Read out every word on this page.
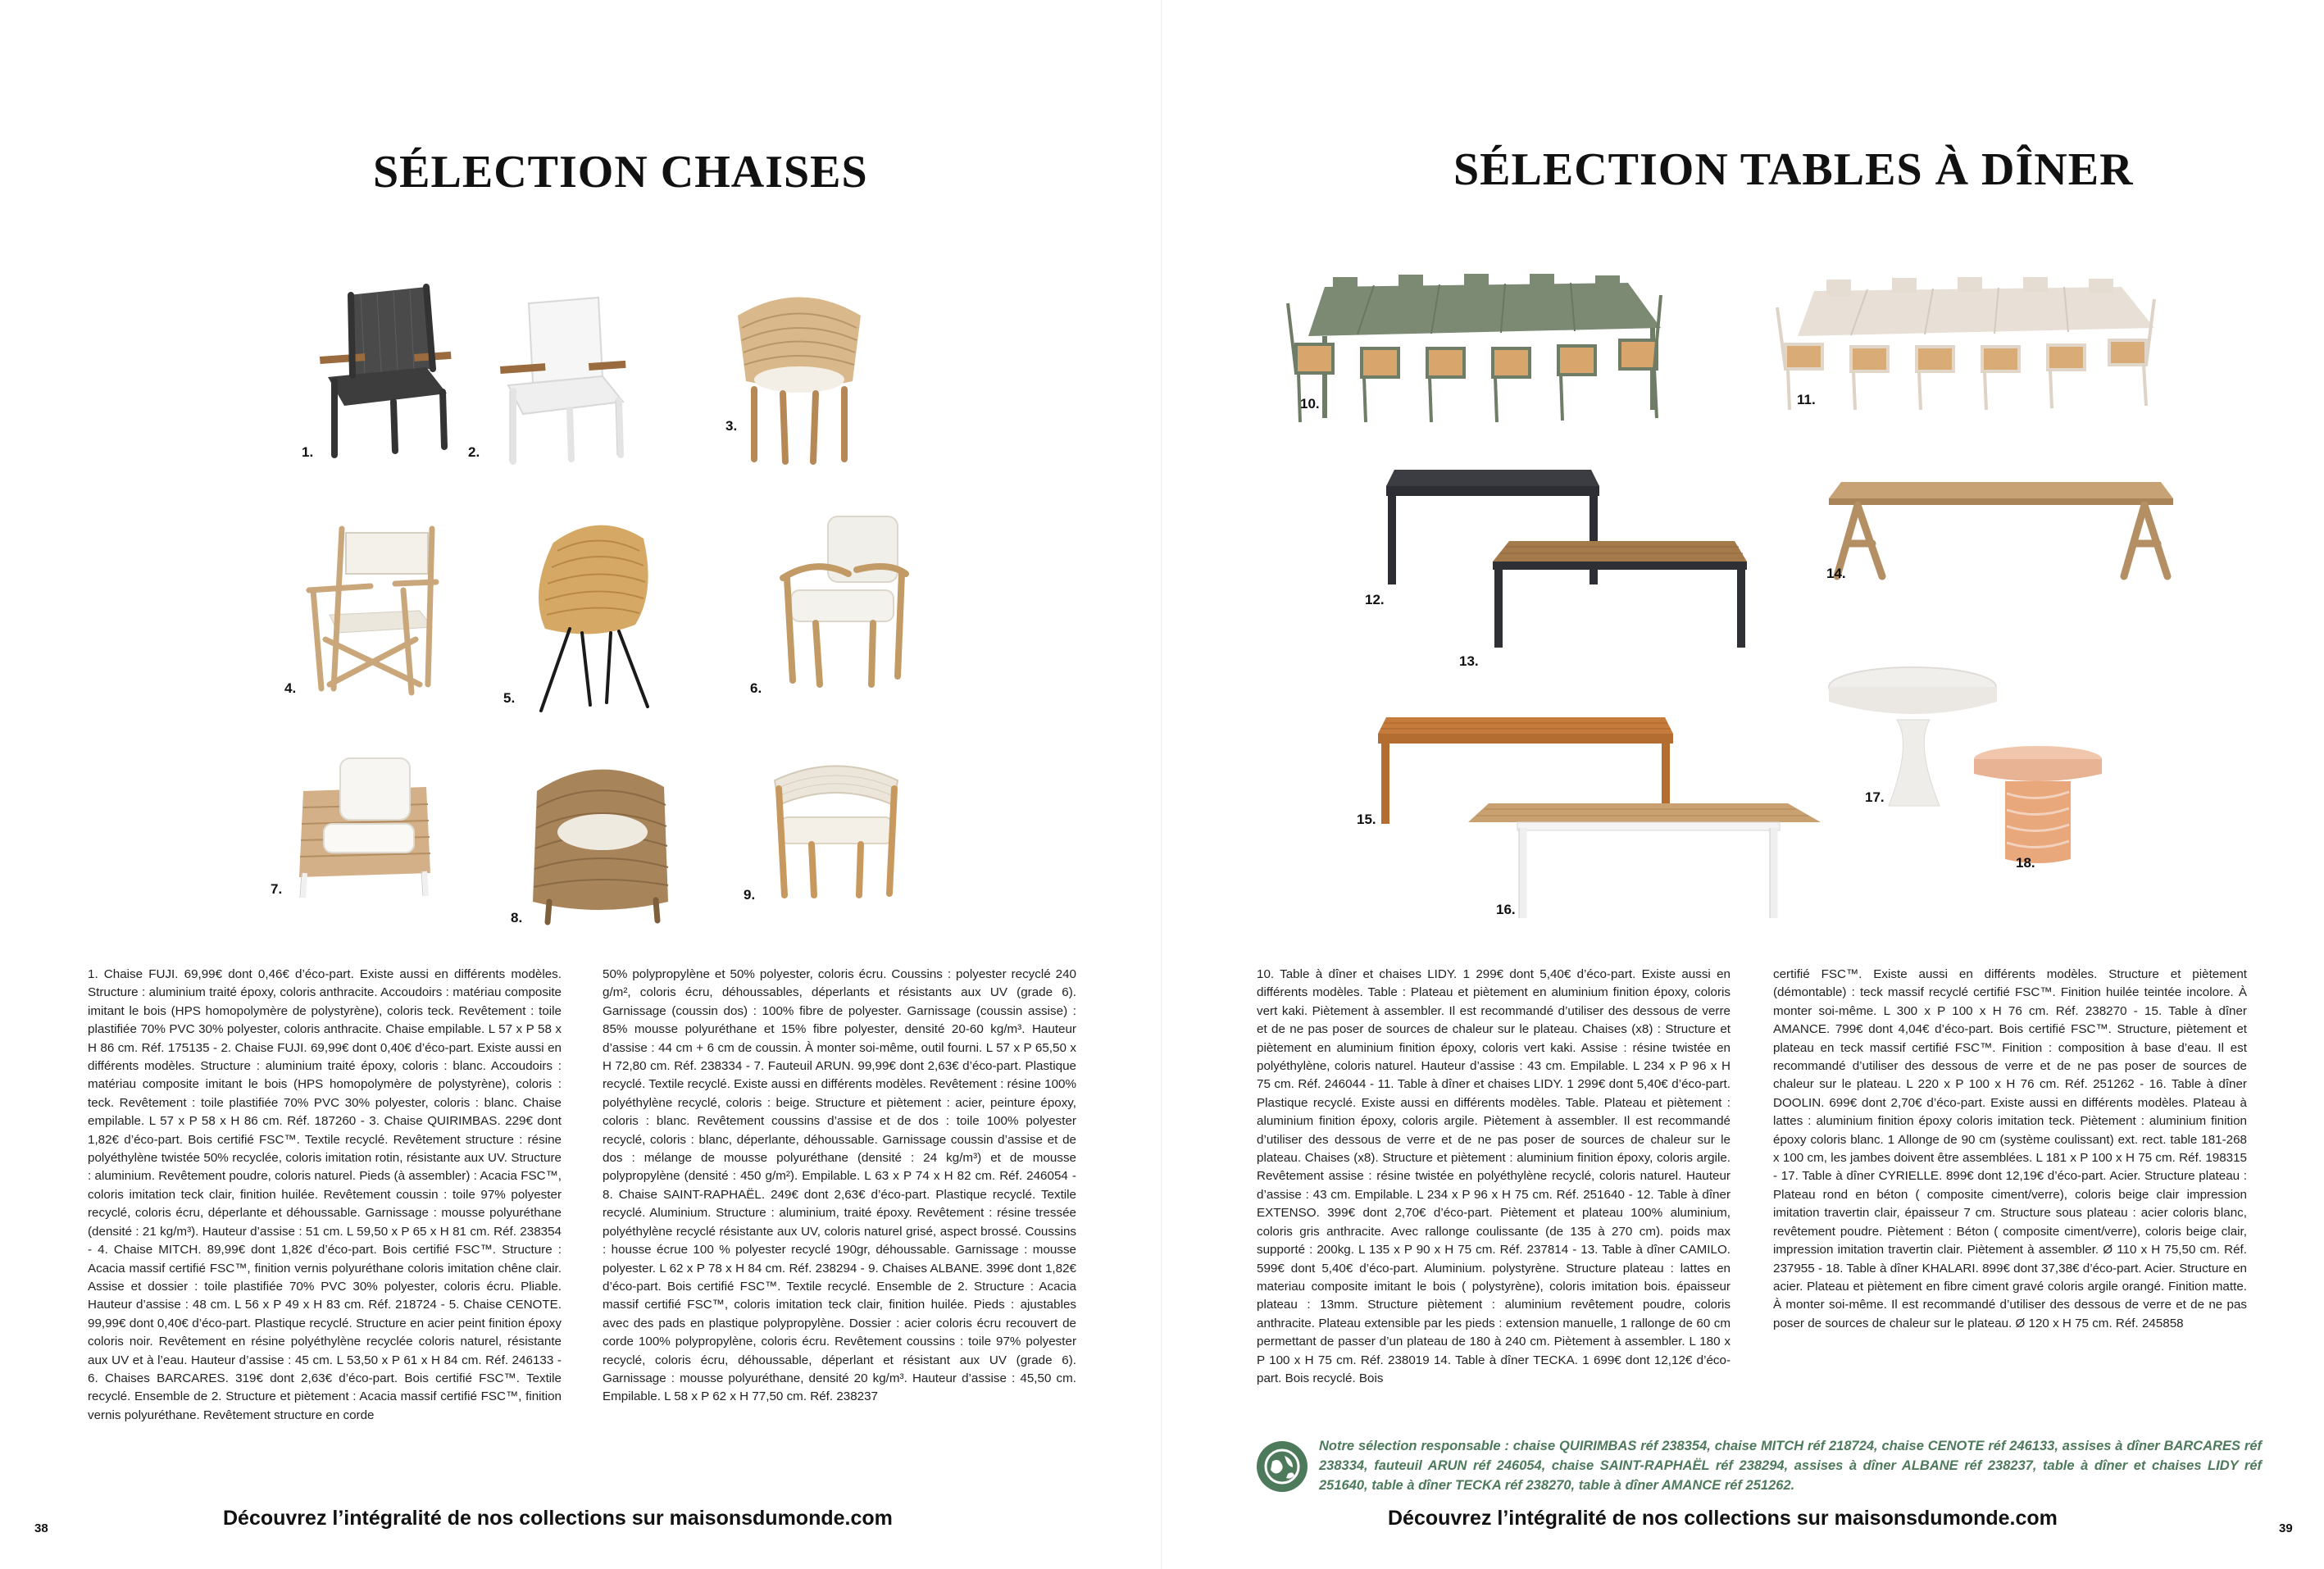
SÉLECTION CHAISES
1.	2.
3.
4.
5.
6.
7.
8.
9.
1. Chaise FUJI. 69,99€ dont 0,46€ d’éco-part. Existe aussi en différents modèles. Structure : aluminium traité époxy, coloris anthracite. Accoudoirs : matériau composite imitant le bois (HPS homopolymère de polystyrène), coloris teck. Revêtement : toile plastifiée 70% PVC 30% polyester, coloris anthracite. Chaise empilable. L 57 x P 58 x H 86 cm. Réf. 175135 - 2. Chaise FUJI. 69,99€ dont 0,40€ d’éco-part. Existe aussi en différents modèles. Structure : aluminium traité époxy, coloris : blanc. Accoudoirs : matériau composite imitant le bois (HPS homopolymère de polystyrène), coloris : teck. Revêtement : toile plastifiée 70% PVC 30% polyester, coloris : blanc. Chaise empilable. L 57 x P 58 x H 86 cm. Réf. 187260 - 3. Chaise QUIRIMBAS. 229€ dont 1,82€ d’éco-part. Bois certifié FSC™. Textile recyclé. Revêtement structure : résine polyéthylène twistée 50% recyclée, coloris imitation rotin, résistante aux UV. Structure : aluminium. Revêtement poudre, coloris naturel. Pieds (à assembler) : Acacia FSC™, coloris imitation teck clair, finition huilée. Revêtement coussin : toile 97% polyester recyclé, coloris écru, déperlante et déhoussable. Garnissage : mousse polyuréthane (densité : 21 kg/m³). Hauteur d’assise : 51 cm. L 59,50 x P 65 x H 81 cm. Réf. 238354 - 4. Chaise MITCH. 89,99€ dont 1,82€ d’éco-part. Bois certifié FSC™. Structure : Acacia massif certifié FSC™, finition vernis polyuréthane coloris imitation chêne clair. Assise et dossier : toile plastifiée 70% PVC 30% polyester, coloris écru. Pliable. Hauteur d’assise : 48 cm. L 56 x P 49 x H 83 cm. Réf. 218724 - 5. Chaise CENOTE. 99,99€ dont 0,40€ d’éco-part. Plastique recyclé. Structure en acier peint finition époxy coloris noir. Revêtement en résine polyéthylène recyclée coloris naturel, résistante aux UV et à l’eau. Hauteur d’assise : 45 cm. L 53,50 x P 61 x H 84 cm. Réf. 246133 - 6. Chaises BARCARES. 319€ dont 2,63€ d’éco-part. Bois certifié FSC™. Textile recyclé. Ensemble de 2. Structure et piètement : Acacia massif certifié FSC™, finition vernis polyuréthane. Revêtement structure en corde
50% polypropylène et 50% polyester, coloris écru. Coussins : polyester recyclé 240 g/m², coloris écru, déhoussables, déperlants et résistants aux UV (grade 6). Garnissage (coussin dos) : 100% fibre de polyester. Garnissage (coussin assise) : 85% mousse polyuréthane et 15% fibre polyester, densité 20-60 kg/m³. Hauteur d’assise : 44 cm + 6 cm de coussin. À monter soi-même, outil fourni. L 57 x P 65,50 x H 72,80 cm. Réf. 238334 - 7. Fauteuil ARUN. 99,99€ dont 2,63€ d’éco-part. Plastique recyclé. Textile recyclé. Existe aussi en différents modèles. Revêtement : résine 100% polyéthylène recyclé, coloris : beige. Structure et piètement : acier, peinture époxy, coloris : blanc. Revêtement coussins d’assise et de dos : toile 100% polyester recyclé, coloris : blanc, déperlante, déhoussable. Garnissage coussin d’assise et de dos : mélange de mousse polyuréthane (densité : 24 kg/m³) et de mousse polypropylène (densité : 450 g/m²). Empilable. L 63 x P 74 x H 82 cm. Réf. 246054 - 8. Chaise SAINT-RAPHAËL. 249€ dont 2,63€ d’éco-part. Plastique recyclé. Textile recyclé. Aluminium. Structure : aluminium, traité époxy. Revêtement : résine tressée polyéthylène recyclé résistante aux UV, coloris naturel grisé, aspect brossé. Coussins : housse écrue 100 % polyester recyclé 190gr, déhoussable. Garnissage : mousse polyester. L 62 x P 78 x H 84 cm. Réf. 238294 - 9. Chaises ALBANE. 399€ dont 1,82€ d’éco-part. Bois certifié FSC™. Textile recyclé. Ensemble de 2. Structure : Acacia massif certifié FSC™, coloris imitation teck clair, finition huilée. Pieds : ajustables avec des pads en plastique polypropylène. Dossier : acier coloris écru recouvert de corde 100% polypropylène, coloris écru. Revêtement coussins : toile 97% polyester recyclé, coloris écru, déhoussable, déperlant et résistant aux UV (grade 6). Garnissage : mousse polyuréthane, densité 20 kg/m³. Hauteur d’assise : 45,50 cm. Empilable. L 58 x P 62 x H 77,50 cm. Réf. 238237
Découvrez l’intégralité de nos collections sur maisonsdumonde.com
38
SÉLECTION TABLES À DÎNER
10.	11.
12.
13.
14.
15.
16.
17.
18.
10. Table à dîner et chaises LIDY. 1 299€ dont 5,40€ d’éco-part. Existe aussi en différents modèles. Table : Plateau et piètement en aluminium finition époxy, coloris vert kaki. Piètement à assembler. Il est recommandé d’utiliser des dessous de verre et de ne pas poser de sources de chaleur sur le plateau. Chaises (x8) : Structure et piètement en aluminium finition époxy, coloris vert kaki. Assise : résine twistée en polyéthylène, coloris naturel. Hauteur d’assise : 43 cm. Empilable. L 234 x P 96 x H 75 cm. Réf. 246044 - 11. Table à dîner et chaises LIDY. 1 299€ dont 5,40€ d’éco-part. Plastique recyclé. Existe aussi en différents modèles. Table. Plateau et piètement : aluminium finition époxy, coloris argile. Piètement à assembler. Il est recommandé d’utiliser des dessous de verre et de ne pas poser de sources de chaleur sur le plateau. Chaises (x8). Structure et piètement : aluminium finition époxy, coloris argile. Revêtement assise : résine twistée en polyéthylène recyclé, coloris naturel. Hauteur d’assise : 43 cm. Empilable. L 234 x P 96 x H 75 cm. Réf. 251640 - 12. Table à dîner EXTENSO. 399€ dont 2,70€ d’éco-part. Piètement et plateau 100% aluminium, coloris gris anthracite. Avec rallonge coulissante (de 135 à 270 cm). poids max supporté : 200kg. L 135 x P 90 x H 75 cm. Réf. 237814 - 13. Table à dîner CAMILO. 599€ dont 5,40€ d’éco-part. Aluminium. polystyrène. Structure plateau : lattes en materiau composite imitant le bois ( polystyrène), coloris imitation bois. épaisseur plateau : 13mm. Structure piètement : aluminium revêtement poudre, coloris anthracite. Plateau extensible par les pieds : extension manuelle, 1 rallonge de 60 cm permettant de passer d’un plateau de 180 à 240 cm. Piètement à assembler. L 180 x P 100 x H 75 cm. Réf. 238019 14. Table à dîner TECKA. 1 699€ dont 12,12€ d’éco-part. Bois recyclé. Bois
certifié FSC™. Existe aussi en différents modèles. Structure et piètement (démontable) : teck massif recyclé certifié FSC™. Finition huilée teintée incolore. À monter soi-même. L 300 x P 100 x H 76 cm. Réf. 238270 - 15. Table à dîner AMANCE. 799€ dont 4,04€ d’éco-part. Bois certifié FSC™. Structure, piètement et plateau en teck massif certifié FSC™. Finition : composition à base d’eau. Il est recommandé d’utiliser des dessous de verre et de ne pas poser de sources de chaleur sur le plateau. L 220 x P 100 x H 76 cm. Réf. 251262 - 16. Table à dîner DOOLIN. 699€ dont 2,70€ d’éco-part. Existe aussi en différents modèles. Plateau à lattes : aluminium finition époxy coloris imitation teck. Piètement : aluminium finition époxy coloris blanc. 1 Allonge de 90 cm (système coulissant) ext. rect. table 181-268 x 100 cm, les jambes doivent être assemblées. L 181 x P 100 x H 75 cm. Réf. 198315 - 17. Table à dîner CYRIELLE. 899€ dont 12,19€ d’éco-part. Acier. Structure plateau : Plateau rond en béton ( composite ciment/verre), coloris beige clair impression imitation travertin clair, épaisseur 7 cm. Structure sous plateau : acier coloris blanc, revêtement poudre. Piètement : Béton ( composite ciment/verre), coloris beige clair, impression imitation travertin clair. Piètement à assembler. Ø 110 x H 75,50 cm. Réf. 237955 - 18. Table à dîner KHALARI. 899€ dont 37,38€ d’éco-part. Acier. Structure en acier. Plateau et piètement en fibre ciment gravé coloris argile orangé. Finition matte. À monter soi-même. Il est recommandé d’utiliser des dessous de verre et de ne pas poser de sources de chaleur sur le plateau. Ø 120 x H 75 cm. Réf. 245858
Notre sélection responsable : chaise QUIRIMBAS réf 238354, chaise MITCH réf 218724, chaise CENOTE réf 246133, assises à dîner BARCARES réf 238334, fauteuil ARUN réf 246054, chaise SAINT-RAPHAËL réf 238294, assises à dîner ALBANE réf 238237, table à dîner et chaises LIDY réf 251640, table à dîner TECKA réf 238270, table à dîner AMANCE réf 251262.
Découvrez l’intégralité de nos collections sur maisonsdumonde.com	39
